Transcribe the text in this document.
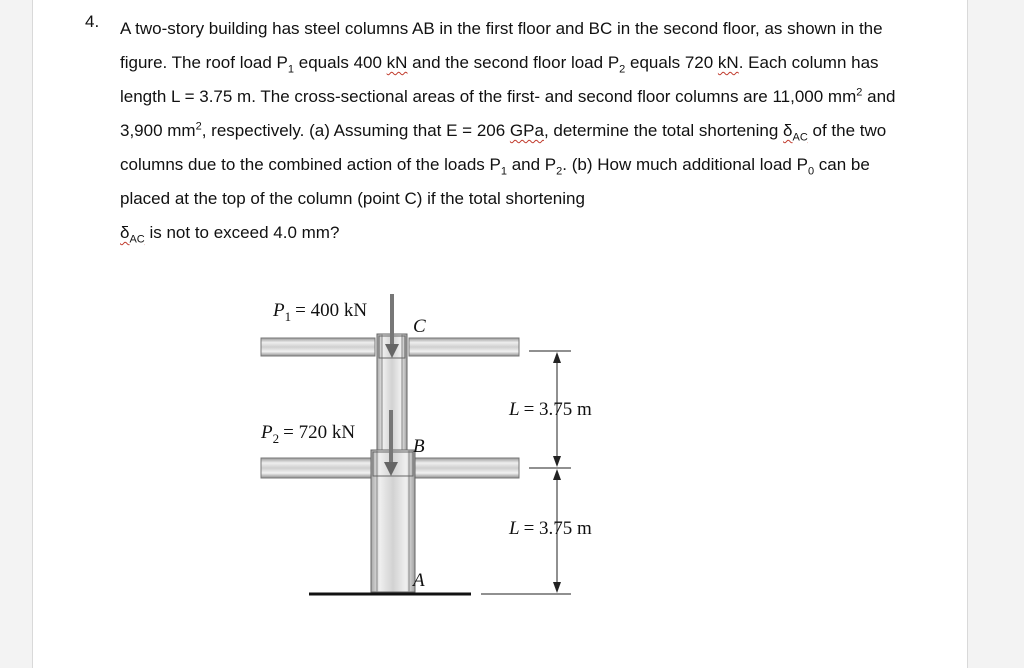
4. A two-story building has steel columns AB in the first floor and BC in the second floor, as shown in the figure. The roof load $P_1$ equals 400 kN and the second floor load $P_2$ equals 720 kN. Each column has length L = 3.75 m. The cross-sectional areas of the first- and second floor columns are 11,000 $mm^2$ and 3,900 $mm^2$, respectively. (a) Assuming that E = 206 GPa, determine the total shortening $\delta_{AC}$ of the two columns due to the combined action of the loads $P_1$ and $P_2$. (b) How much additional load $P_0$ can be placed at the top of the column (point C) if the total shortening
$\delta_{AC}$ is not to exceed 4.0 mm?
$P_1 = 400$ kN
$P_2 = 720$ kN
C
B
A
L = 3.75 m
L = 3.75 m
